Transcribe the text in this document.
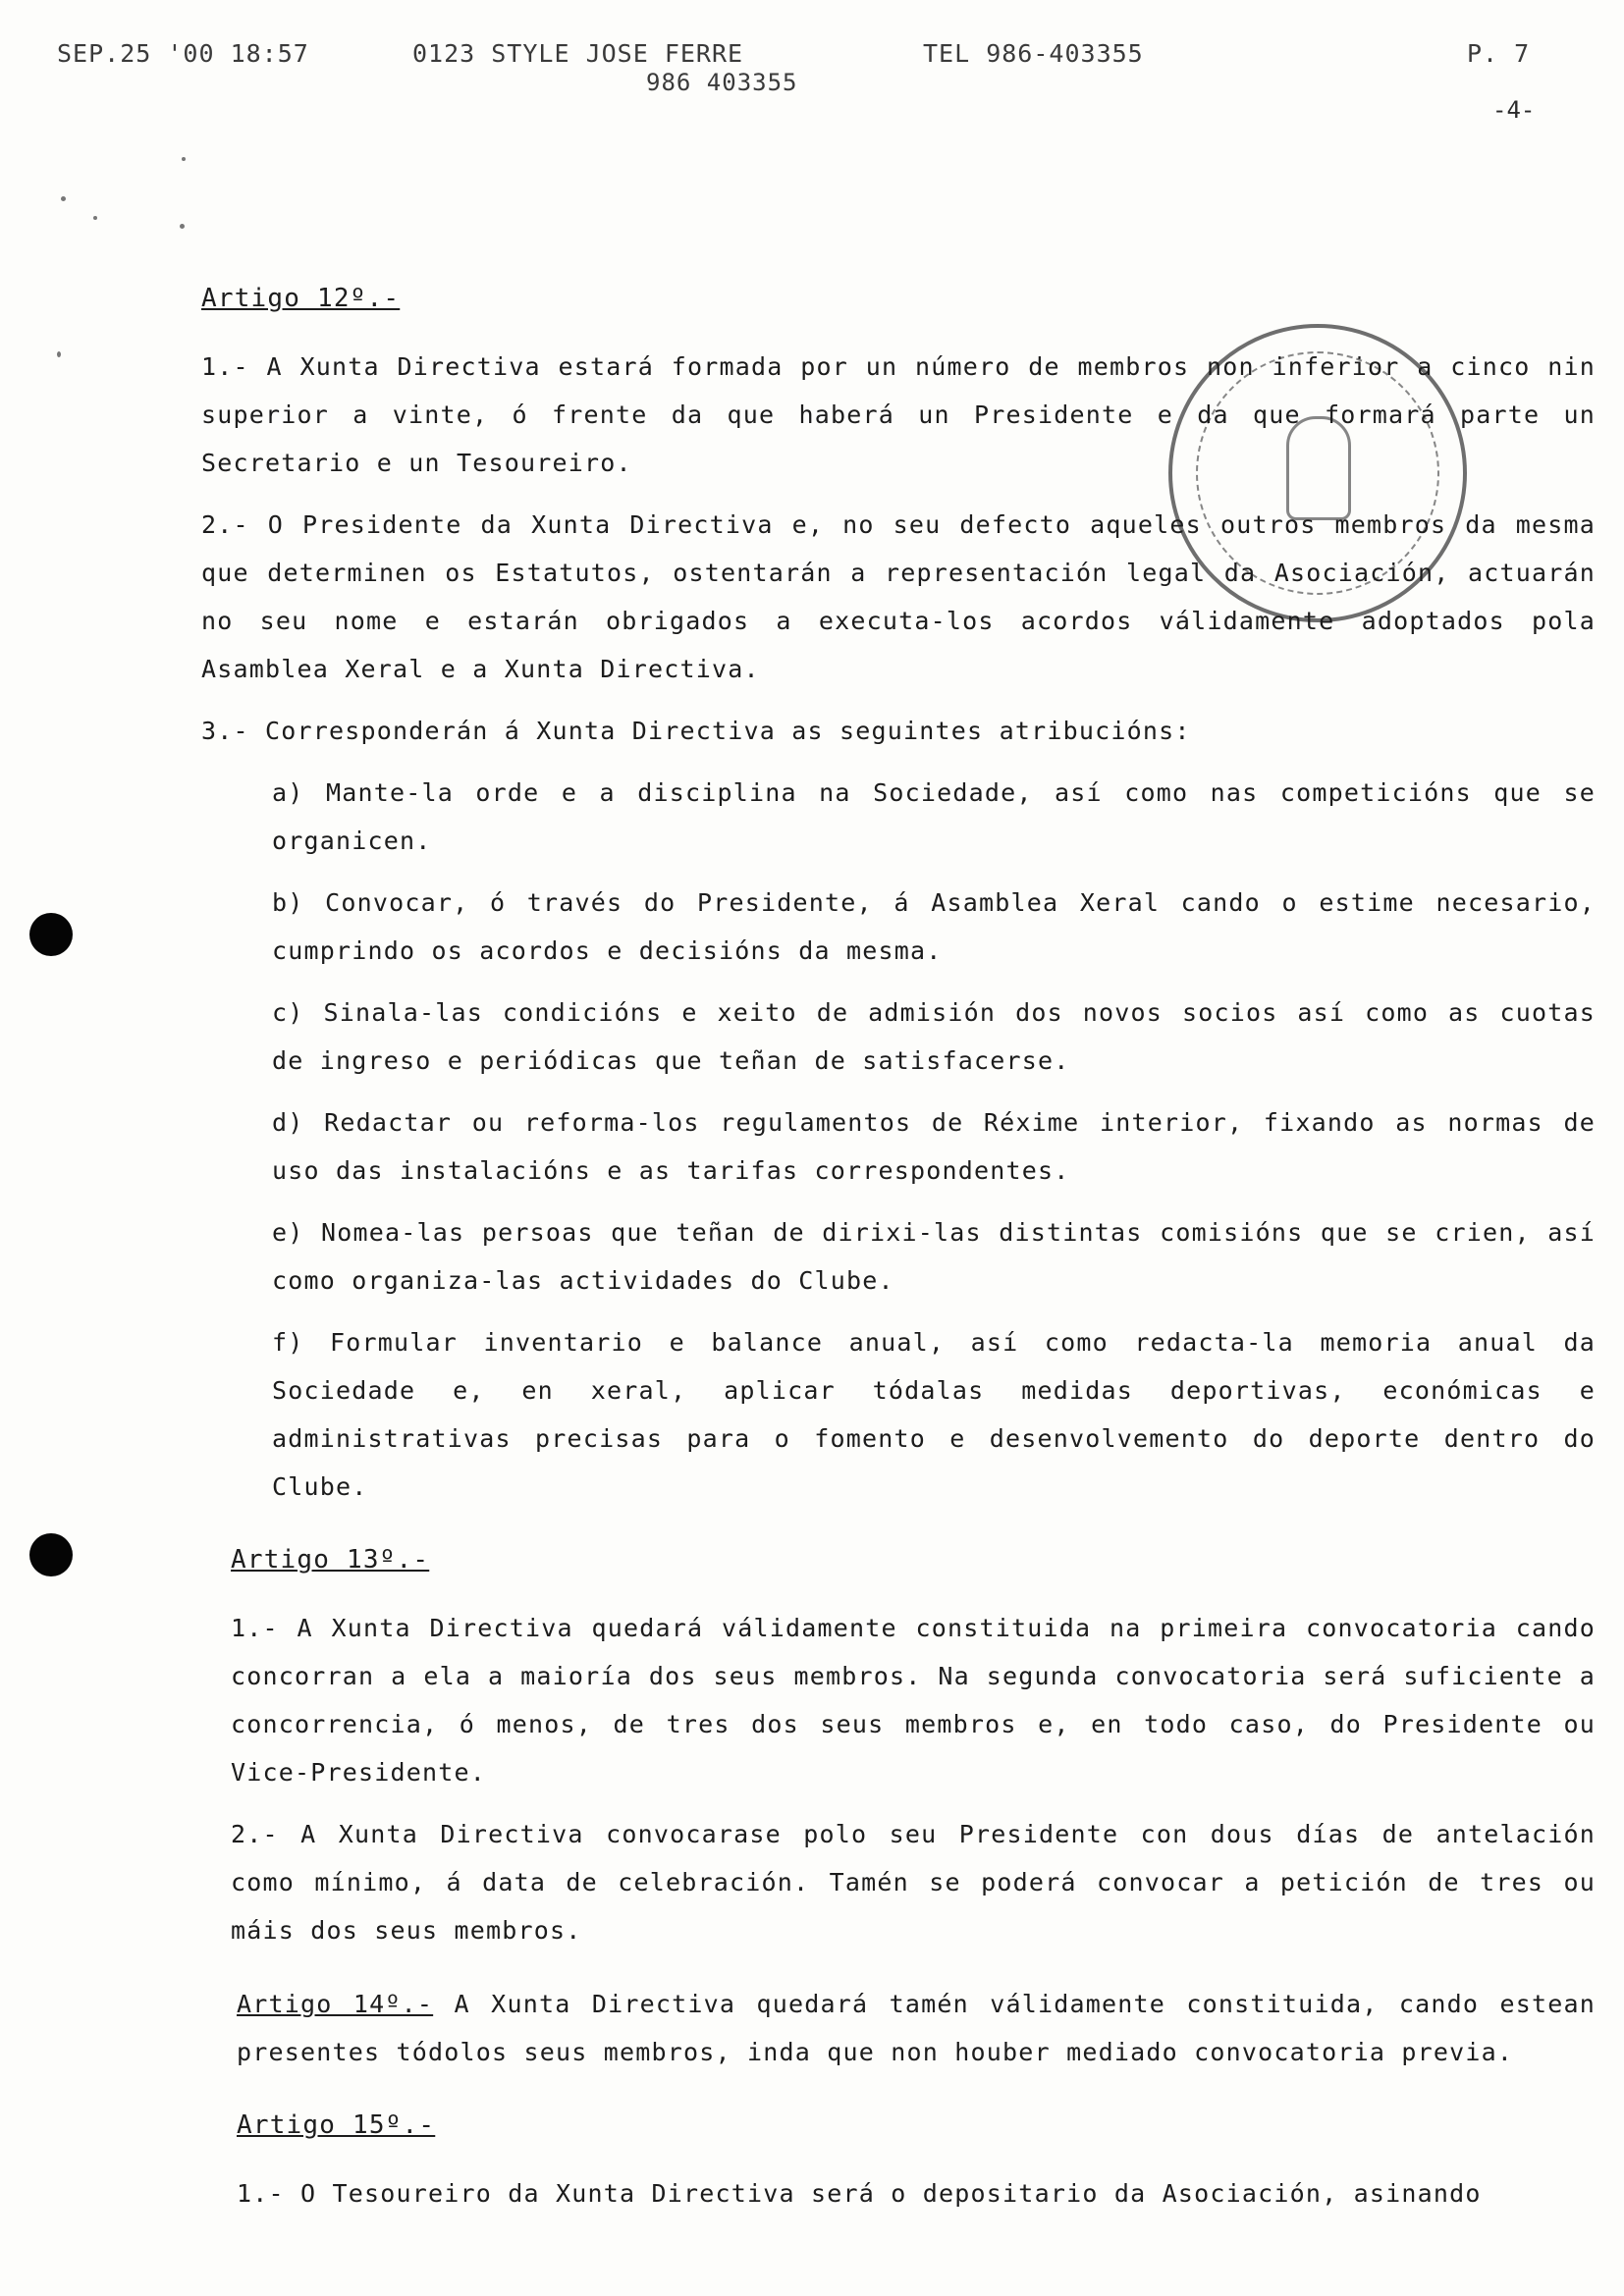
SEP.25 '00 18:57	0123 STYLE JOSE FERRE	TEL 986-403355	P. 7
986 403355
-4-
Artigo 12º.-

1.- A Xunta Directiva estará formada por un número de membros non inferior a cinco nin superior a vinte, ó frente da que haberá un Presidente e da que formará parte un Secretario e un Tesoureiro.

2.- O Presidente da Xunta Directiva e, no seu defecto aqueles outros membros da mesma que determinen os Estatutos, ostentarán a representación legal da Asociación, actuarán no seu nome e estarán obrigados a executa-los acordos válidamente adoptados pola Asamblea Xeral e a Xunta Directiva.

3.- Corresponderán á Xunta Directiva as seguintes atribucións:

a) Mante-la orde e a disciplina na Sociedade, así como nas competicións que se organicen.

b) Convocar, ó través do Presidente, á Asamblea Xeral cando o estime necesario, cumprindo os acordos e decisións da mesma.

c) Sinala-las condicións e xeito de admisión dos novos socios así como as cuotas de ingreso e periódicas que teñan de satisfacerse.

d) Redactar ou reforma-los regulamentos de Réxime interior, fixando as normas de uso das instalacións e as tarifas correspondentes.

e) Nomea-las persoas que teñan de dirixi-las distintas comisións que se crien, así como organiza-las actividades do Clube.

f) Formular inventario e balance anual, así como redacta-la memoria anual da Sociedade e, en xeral, aplicar tódalas medidas deportivas, económicas e administrativas precisas para o fomento e desenvolvemento do deporte dentro do Clube.

Artigo 13º.-

1.- A Xunta Directiva quedará válidamente constituida na primeira convocatoria cando concorran a ela a maioría dos seus membros. Na segunda convocatoria será suficiente a concorrencia, ó menos, de tres dos seus membros e, en todo caso, do Presidente ou Vice-Presidente.

2.- A Xunta Directiva convocarase polo seu Presidente con dous días de antelación como mínimo, á data de celebración. Tamén se poderá convocar a petición de tres ou máis dos seus membros.

Artigo 14º.- A Xunta Directiva quedará tamén válidamente constituida, cando estean presentes tódolos seus membros, inda que non houber mediado convocatoria previa.

Artigo 15º.-

1.- O Tesoureiro da Xunta Directiva será o depositario da Asociación, asinando
